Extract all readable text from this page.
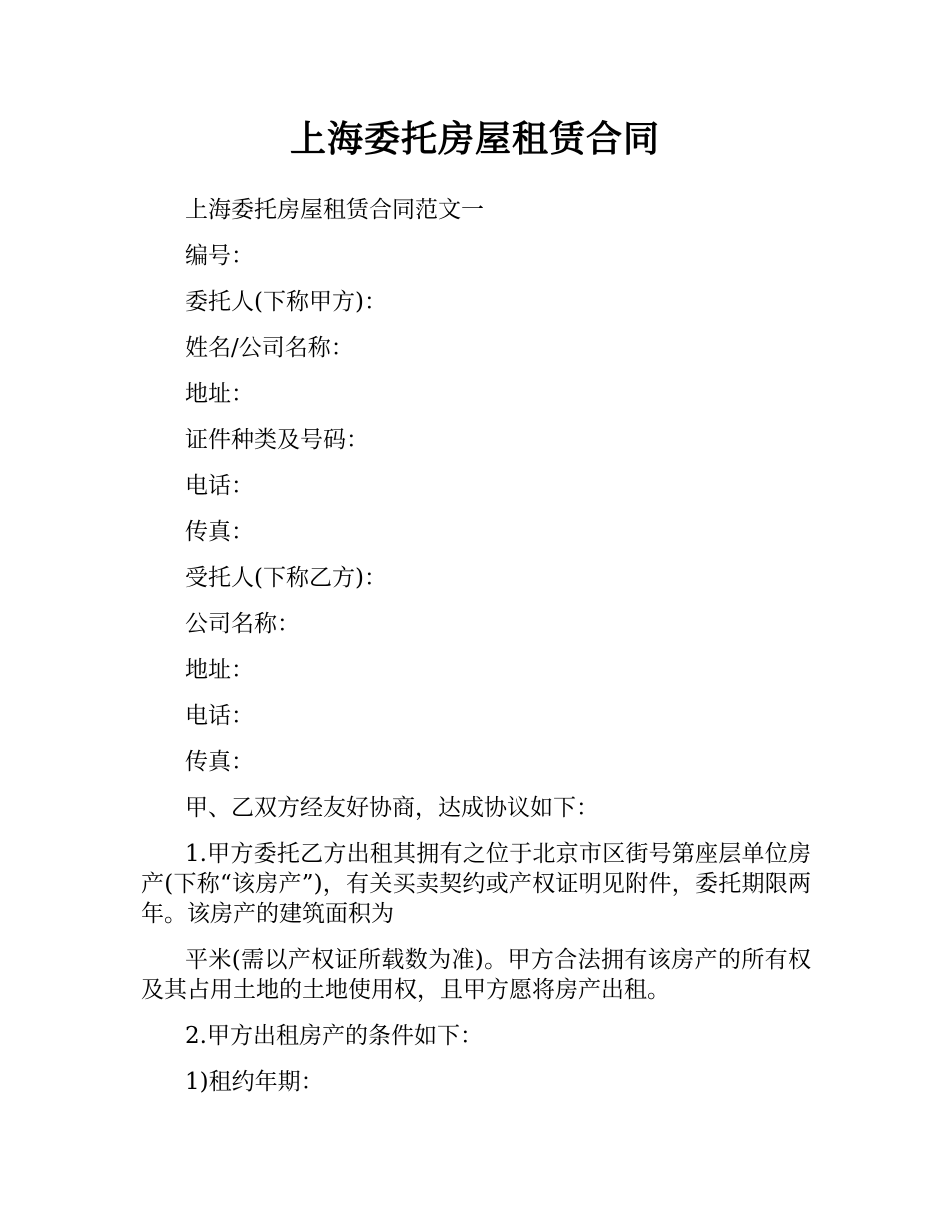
上海委托房屋租赁合同

上海委托房屋租赁合同范文一

编号：

委托人(下称甲方)：

姓名/公司名称：

地址：

证件种类及号码：

电话：

传真：

受托人(下称乙方)：

公司名称：

地址：

电话：

传真：

甲、乙双方经友好协商，达成协议如下：

1.甲方委托乙方出租其拥有之位于北京市区街号第座层单位房产(下称“该房产”)，有关买卖契约或产权证明见附件，委托期限两年。该房产的建筑面积为

平米(需以产权证所载数为准)。甲方合法拥有该房产的所有权及其占用土地的土地使用权，且甲方愿将房产出租。

2.甲方出租房产的条件如下：

1)租约年期：
